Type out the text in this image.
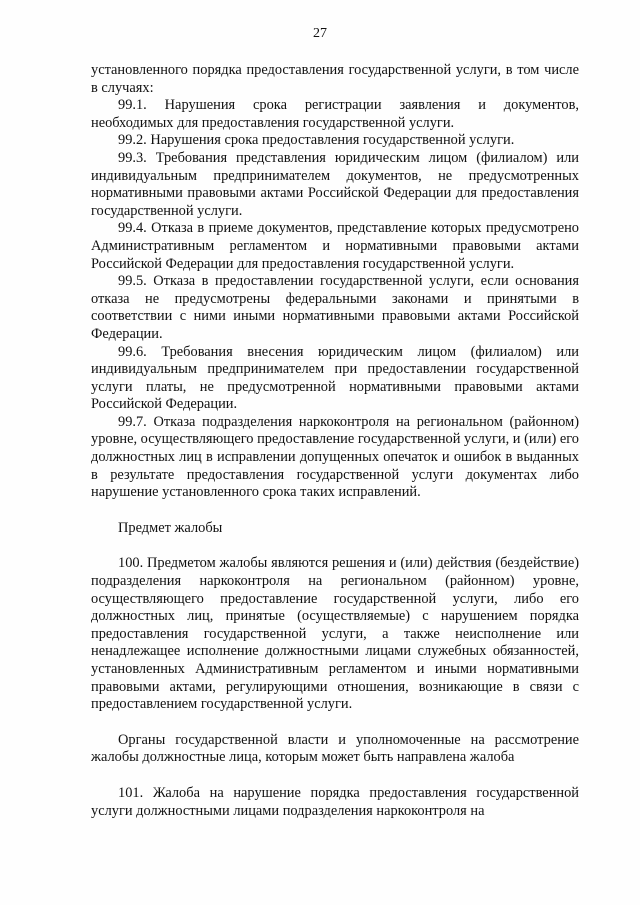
27

установленного порядка предоставления государственной услуги, в том числе в случаях:

99.1. Нарушения срока регистрации заявления и документов, необходимых для предоставления государственной услуги.

99.2. Нарушения срока предоставления государственной услуги.

99.3. Требования представления юридическим лицом (филиалом) или индивидуальным предпринимателем документов, не предусмотренных нормативными правовыми актами Российской Федерации для предоставления государственной услуги.

99.4. Отказа в приеме документов, представление которых предусмотрено Административным регламентом и нормативными правовыми актами Российской Федерации для предоставления государственной услуги.

99.5. Отказа в предоставлении государственной услуги, если основания отказа не предусмотрены федеральными законами и принятыми в соответствии с ними иными нормативными правовыми актами Российской Федерации.

99.6. Требования внесения юридическим лицом (филиалом) или индивидуальным предпринимателем при предоставлении государственной услуги платы, не предусмотренной нормативными правовыми актами Российской Федерации.

99.7. Отказа подразделения наркоконтроля на региональном (районном) уровне, осуществляющего предоставление государственной услуги, и (или) его должностных лиц в исправлении допущенных опечаток и ошибок в выданных в результате предоставления государственной услуги документах либо нарушение установленного срока таких исправлений.

Предмет жалобы

100. Предметом жалобы являются решения и (или) действия (бездействие) подразделения наркоконтроля на региональном (районном) уровне, осуществляющего предоставление государственной услуги, либо его должностных лиц, принятые (осуществляемые) с нарушением порядка предоставления государственной услуги, а также неисполнение или ненадлежащее исполнение должностными лицами служебных обязанностей, установленных Административным регламентом и иными нормативными правовыми актами, регулирующими отношения, возникающие в связи с предоставлением государственной услуги.

Органы государственной власти и уполномоченные на рассмотрение жалобы должностные лица, которым может быть направлена жалоба

101. Жалоба на нарушение порядка предоставления государственной услуги должностными лицами подразделения наркоконтроля на
